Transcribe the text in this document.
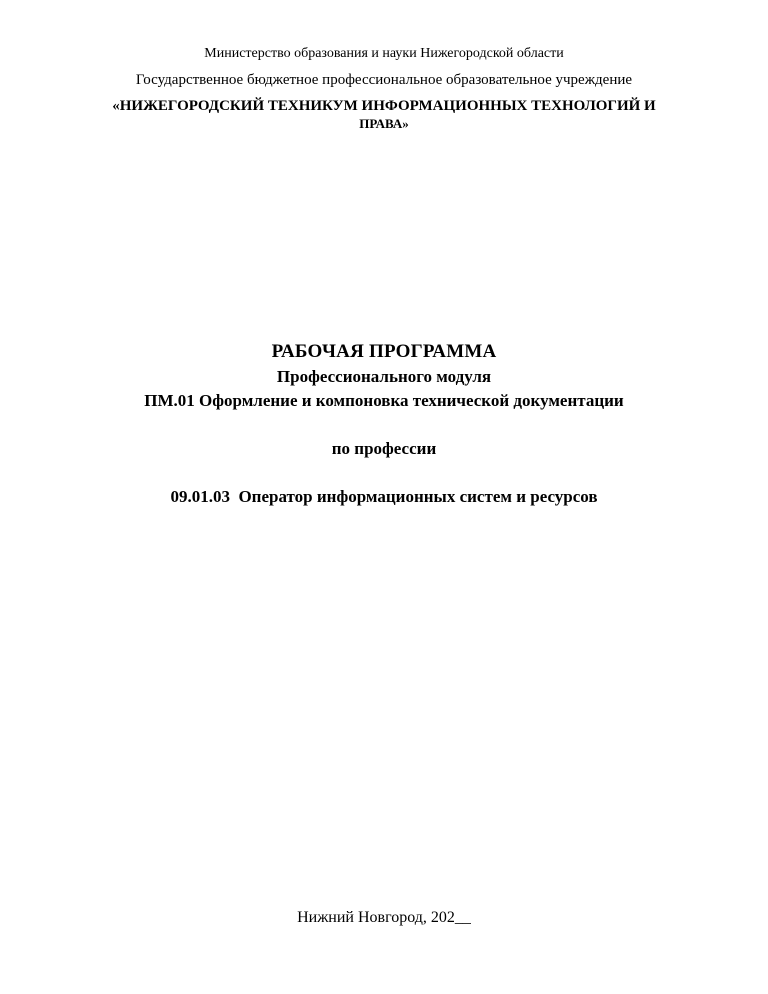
Министерство образования и науки Нижегородской области
Государственное бюджетное профессиональное образовательное учреждение
«НИЖЕГОРОДСКИЙ ТЕХНИКУМ ИНФОРМАЦИОННЫХ ТЕХНОЛОГИЙ И
ПРАВА»
РАБОЧАЯ ПРОГРАММА
Профессионального модуля
ПМ.01 Оформление и компоновка технической документации
по профессии
09.01.03  Оператор информационных систем и ресурсов
Нижний Новгород, 202__
